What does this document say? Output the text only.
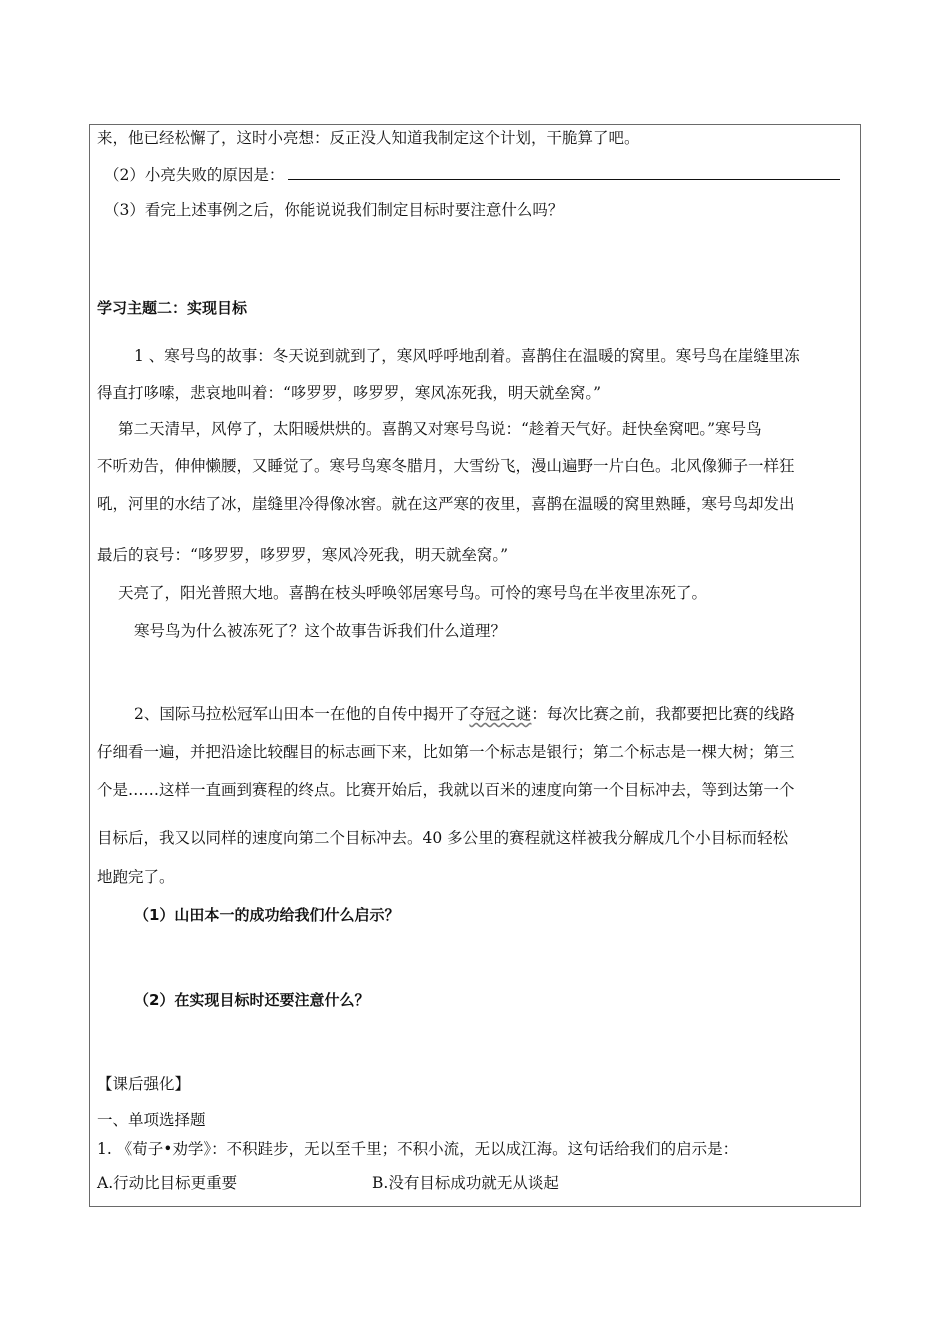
来，他已经松懈了，这时小亮想：反正没人知道我制定这个计划，干脆算了吧。
（2）小亮失败的原因是：
（3）看完上述事例之后，你能说说我们制定目标时要注意什么吗？
学习主题二：实现目标
1 、寒号鸟的故事：冬天说到就到了，寒风呼呼地刮着。喜鹊住在温暖的窝里。寒号鸟在崖缝里冻
得直打哆嗦，悲哀地叫着：“哆罗罗，哆罗罗，寒风冻死我，明天就垒窝。”
第二天清早，风停了，太阳暖烘烘的。喜鹊又对寒号鸟说：“趁着天气好。赶快垒窝吧。”寒号鸟
不听劝告，伸伸懒腰，又睡觉了。寒号鸟寒冬腊月，大雪纷飞，漫山遍野一片白色。北风像狮子一样狂
吼，河里的水结了冰，崖缝里冷得像冰窖。就在这严寒的夜里，喜鹊在温暖的窝里熟睡，寒号鸟却发出
最后的哀号：“哆罗罗，哆罗罗，寒风冷死我，明天就垒窝。”
天亮了，阳光普照大地。喜鹊在枝头呼唤邻居寒号鸟。可怜的寒号鸟在半夜里冻死了。
寒号鸟为什么被冻死了？这个故事告诉我们什么道理？
2、国际马拉松冠军山田本一在他的自传中揭开了夺冠之谜：每次比赛之前，我都要把比赛的线路
仔细看一遍，并把沿途比较醒目的标志画下来，比如第一个标志是银行；第二个标志是一棵大树；第三
个是……这样一直画到赛程的终点。比赛开始后，我就以百米的速度向第一个目标冲去，等到达第一个
目标后，我又以同样的速度向第二个目标冲去。40 多公里的赛程就这样被我分解成几个小目标而轻松
地跑完了。
（1）山田本一的成功给我们什么启示？
（2）在实现目标时还要注意什么？
【课后强化】
一、单项选择题
1. 《荀子•劝学》：不积跬步，无以至千里；不积小流，无以成江海。这句话给我们的启示是：
A.行动比目标更重要	B.没有目标成功就无从谈起
